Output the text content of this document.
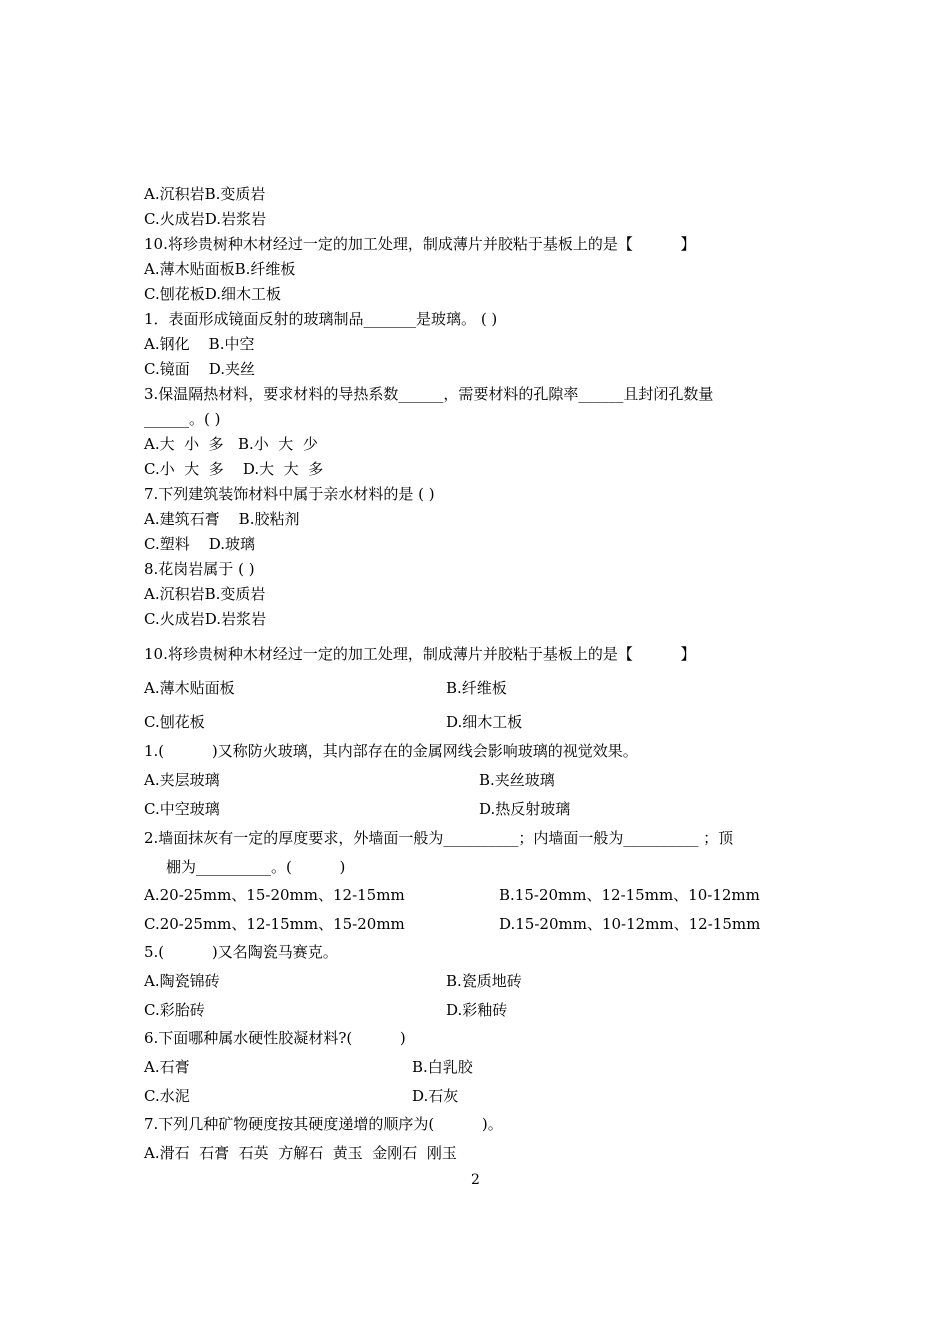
A.沉积岩B.变质岩
C.火成岩D.岩浆岩
10.将珍贵树种木材经过一定的加工处理，制成薄片并胶粘于基板上的是【          】
A.薄木贴面板B.纤维板
C.刨花板D.细木工板
1．表面形成镜面反射的玻璃制品_______是玻璃。 ( )
A.钢化    B.中空
C.镜面    D.夹丝
3.保温隔热材料，要求材料的导热系数______，需要材料的孔隙率______且封闭孔数量
______。( )
A.大  小  多   B.小  大  少
C.小  大  多    D.大  大  多
7.下列建筑装饰材料中属于亲水材料的是 ( )
A.建筑石膏    B.胶粘剂
C.塑料    D.玻璃
8.花岗岩属于 ( )
A.沉积岩B.变质岩
C.火成岩D.岩浆岩
10.将珍贵树种木材经过一定的加工处理，制成薄片并胶粘于基板上的是【          】
A.薄木贴面板	B.纤维板
C.刨花板	D.细木工板
1.(          )又称防火玻璃，其内部存在的金属网线会影响玻璃的视觉效果。
A.夹层玻璃	B.夹丝玻璃
C.中空玻璃	D.热反射玻璃
2.墙面抹灰有一定的厚度要求，外墙面一般为__________；内墙面一般为__________ ；顶
棚为__________。(          )
A.20-25mm、15-20mm、12-15mm	B.15-20mm、12-15mm、10-12mm
C.20-25mm、12-15mm、15-20mm	D.15-20mm、10-12mm、12-15mm
5.(          )又名陶瓷马赛克。
A.陶瓷锦砖	B.瓷质地砖
C.彩胎砖	D.彩釉砖
6.下面哪种属水硬性胶凝材料?(          )
A.石膏	B.白乳胶
C.水泥	D.石灰
7.下列几种矿物硬度按其硬度递增的顺序为(          )。
A.滑石  石膏  石英  方解石  黄玉  金刚石  刚玉
2
